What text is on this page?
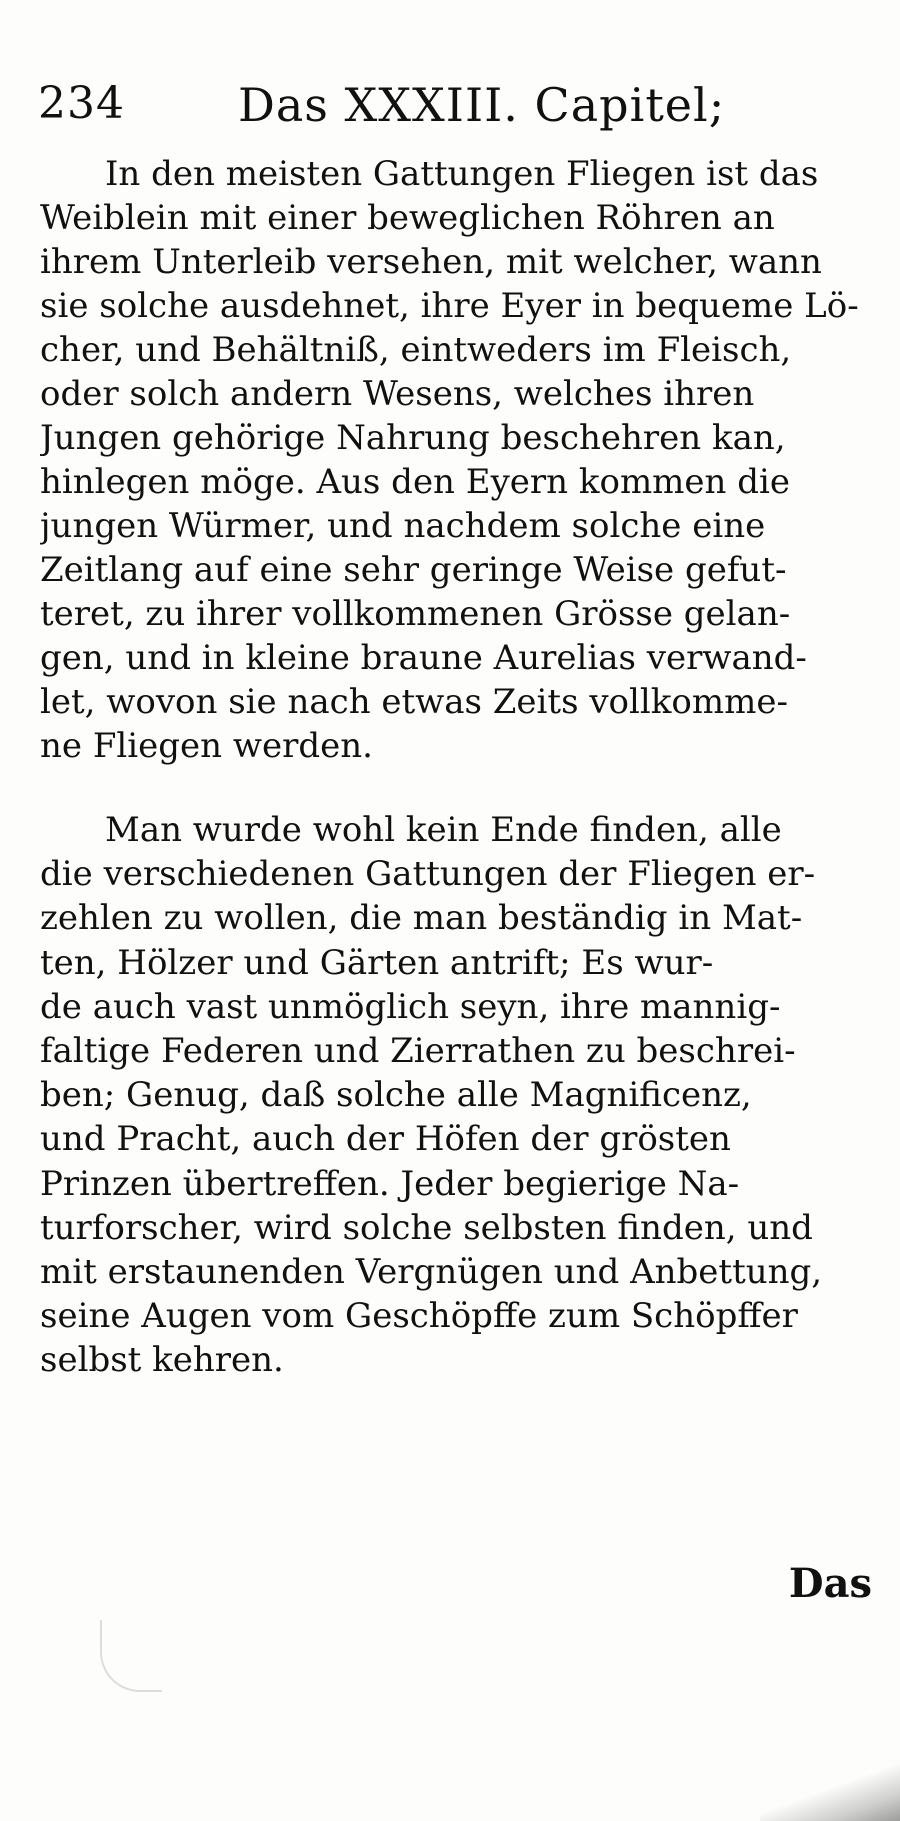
234 Das XXXIII. Capitel;
In den meisten Gattungen Fliegen ist das
Weiblein mit einer beweglichen Röhren an
ihrem Unterleib versehen, mit welcher, wann
sie solche ausdehnet, ihre Eyer in bequeme Lö-
cher, und Behältniß, eintweders im Fleisch,
oder solch andern Wesens, welches ihren
Jungen gehörige Nahrung beschehren kan,
hinlegen möge. Aus den Eyern kommen die
jungen Würmer, und nachdem solche eine
Zeitlang auf eine sehr geringe Weise gefut-
teret, zu ihrer vollkommenen Grösse gelan-
gen, und in kleine braune Aurelias verwand-
let, wovon sie nach etwas Zeits vollkomme-
ne Fliegen werden.
Man wurde wohl kein Ende finden, alle
die verschiedenen Gattungen der Fliegen er-
zehlen zu wollen, die man beständig in Mat-
ten, Hölzer und Gärten antrift; Es wur-
de auch vast unmöglich seyn, ihre mannig-
faltige Federen und Zierrathen zu beschrei-
ben; Genug, daß solche alle Magnificenz,
und Pracht, auch der Höfen der grösten
Prinzen übertreffen. Jeder begierige Na-
turforscher, wird solche selbsten finden, und
mit erstaunenden Vergnügen und Anbettung,
seine Augen vom Geschöpffe zum Schöpffer
selbst kehren.
Das
